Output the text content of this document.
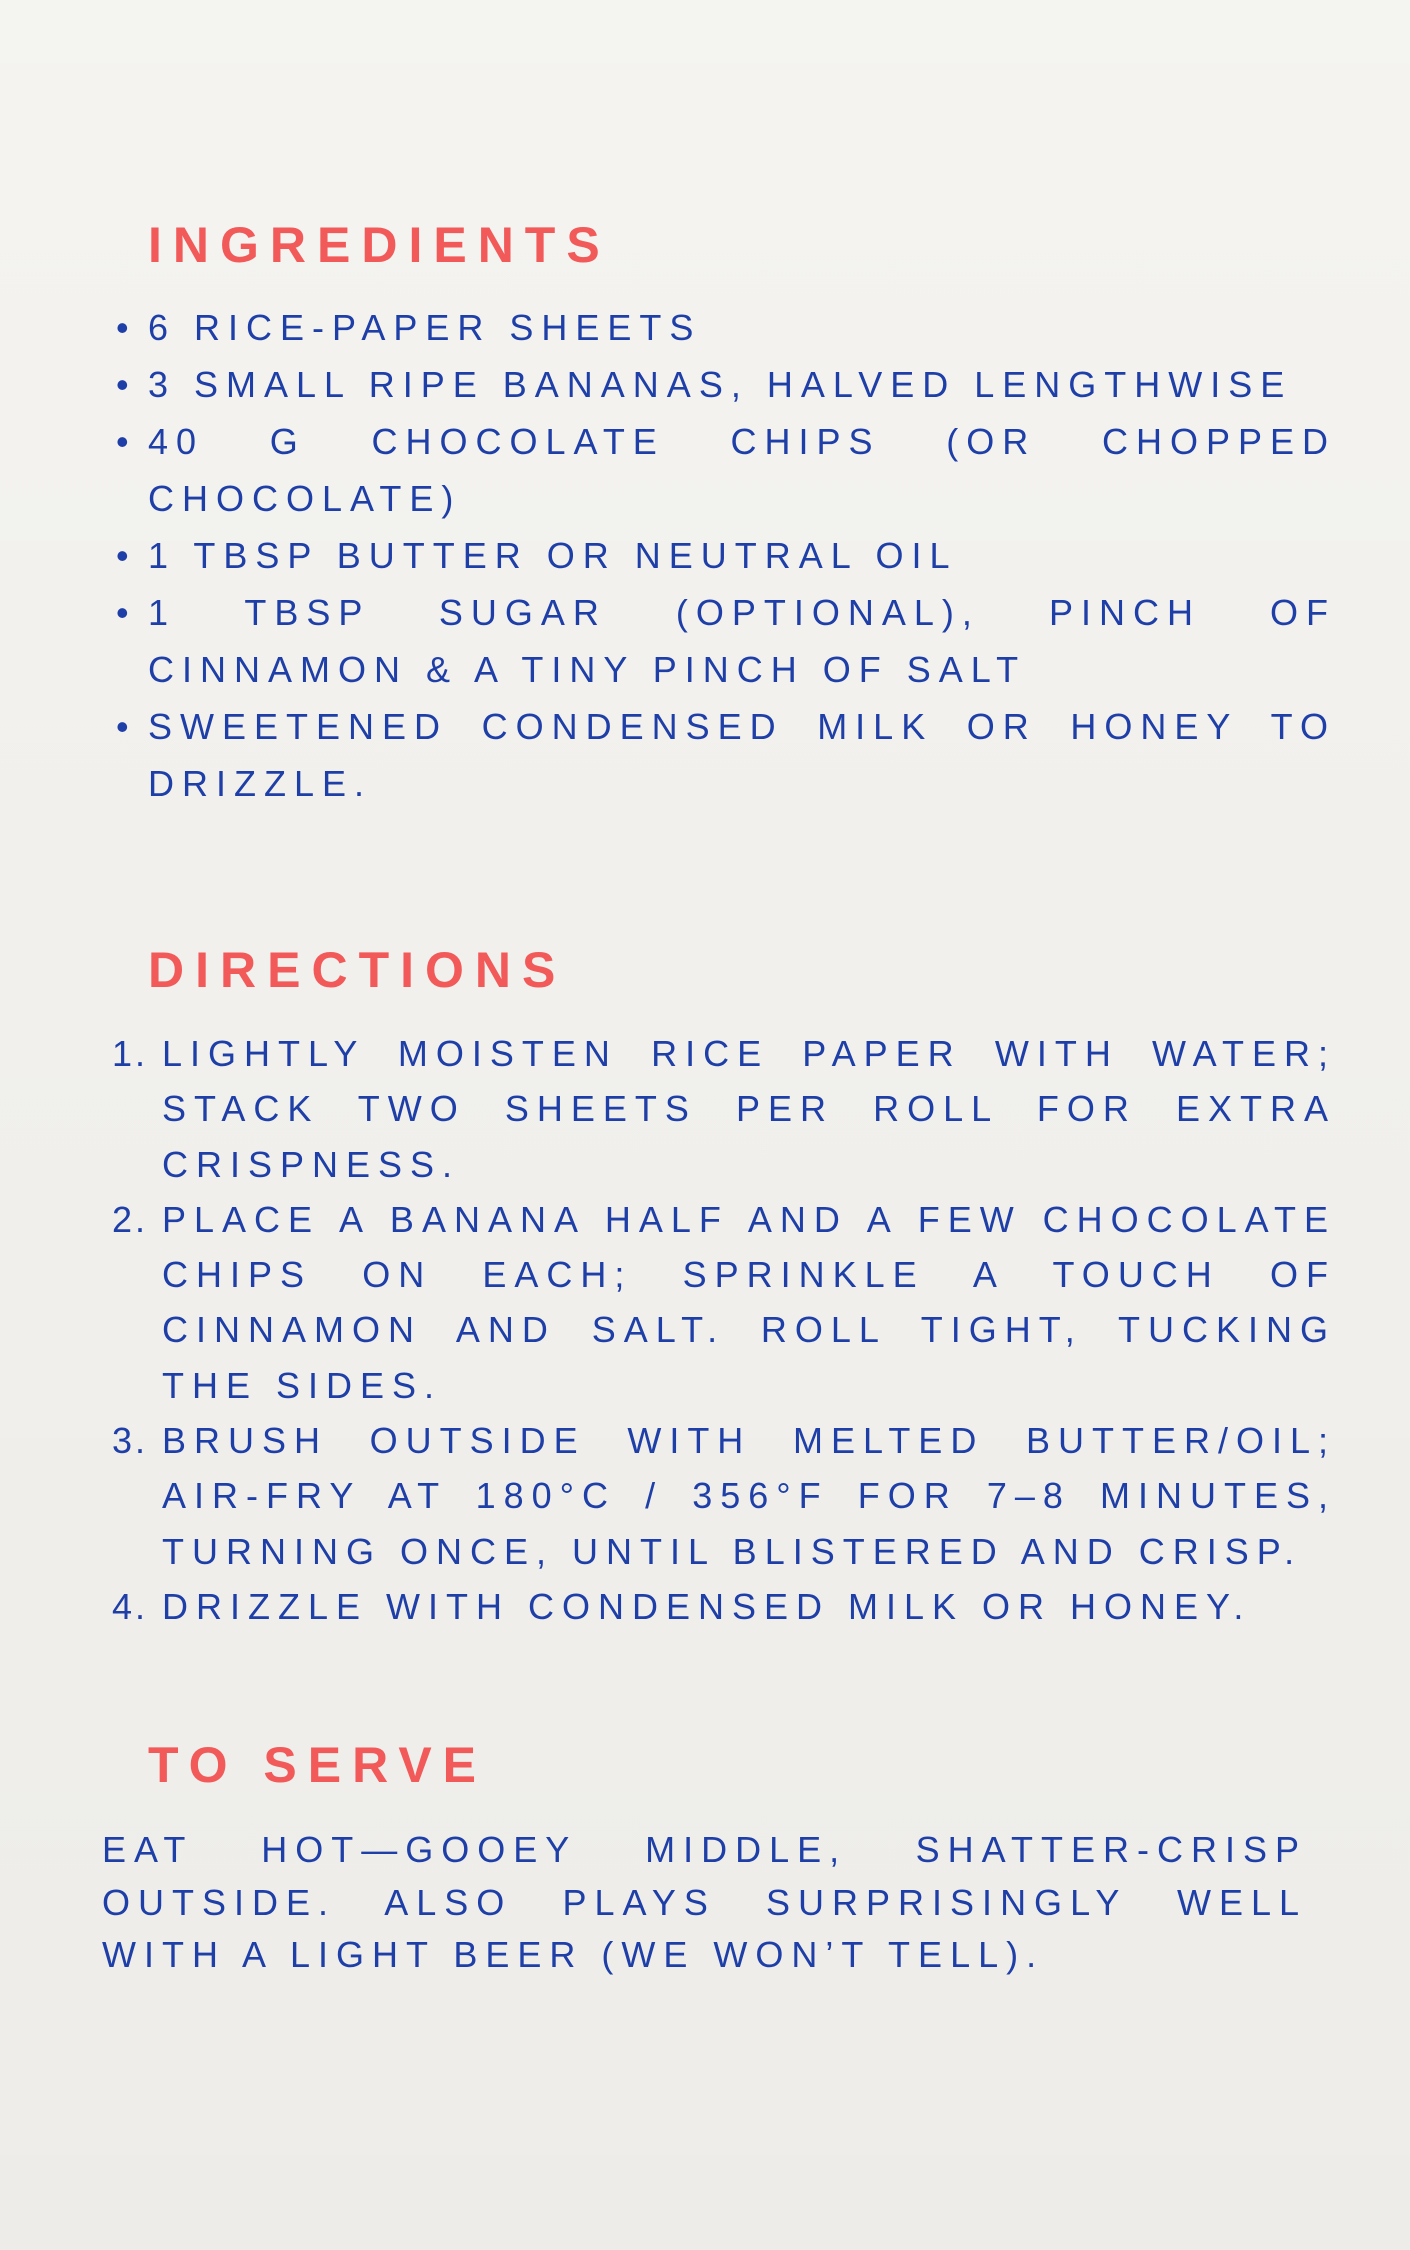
INGREDIENTS
• 6 RICE-PAPER SHEETS
• 3 SMALL RIPE BANANAS, HALVED LENGTHWISE
• 40 G CHOCOLATE CHIPS (OR CHOPPED CHOCOLATE)
• 1 TBSP BUTTER OR NEUTRAL OIL
• 1 TBSP SUGAR (OPTIONAL), PINCH OF CINNAMON & A TINY PINCH OF SALT
• SWEETENED CONDENSED MILK OR HONEY TO DRIZZLE.
DIRECTIONS
1. LIGHTLY MOISTEN RICE PAPER WITH WATER; STACK TWO SHEETS PER ROLL FOR EXTRA CRISPNESS.
2. PLACE A BANANA HALF AND A FEW CHOCOLATE CHIPS ON EACH; SPRINKLE A TOUCH OF CINNAMON AND SALT. ROLL TIGHT, TUCKING THE SIDES.
3. BRUSH OUTSIDE WITH MELTED BUTTER/OIL; AIR-FRY AT 180°C / 356°F FOR 7–8 MINUTES, TURNING ONCE, UNTIL BLISTERED AND CRISP.
4. DRIZZLE WITH CONDENSED MILK OR HONEY.
TO SERVE

EAT HOT—GOOEY MIDDLE, SHATTER-CRISP OUTSIDE. ALSO PLAYS SURPRISINGLY WELL WITH A LIGHT BEER (WE WON’T TELL).
